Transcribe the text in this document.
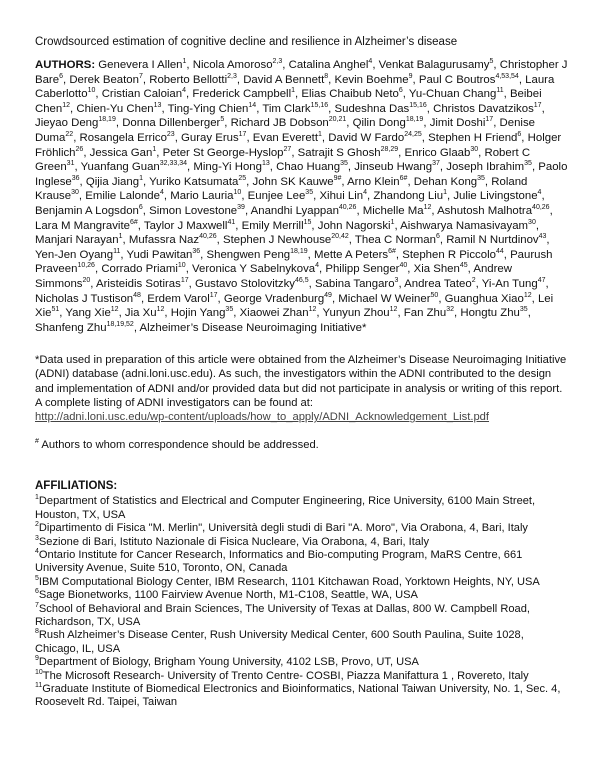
Crowdsourced estimation of cognitive decline and resilience in Alzheimer’s disease

AUTHORS: Genevera I Allen$^1$, Nicola Amoroso$^{2,3}$, Catalina Anghel$^4$, Venkat Balagurusamy$^5$, Christopher J Bare$^6$, Derek Beaton$^7$, Roberto Bellotti$^{2,3}$, David A Bennett$^8$, Kevin Boehme$^9$, Paul C Boutros$^{4,53,54}$, Laura Caberlotto$^{10}$, Cristian Caloian$^4$, Frederick Campbell$^1$, Elias Chaibub Neto$^6$, Yu-Chuan Chang$^{11}$, Beibei Chen$^{12}$, Chien-Yu Chen$^{13}$, Ting-Ying Chien$^{14}$, Tim Clark$^{15,16}$, Sudeshna Das$^{15,16}$, Christos Davatzikos$^{17}$, Jieyao Deng$^{18,19}$, Donna Dillenberger$^5$, Richard JB Dobson$^{20,21}$, Qilin Dong$^{18,19}$, Jimit Doshi$^{17}$, Denise Duma$^{22}$, Rosangela Errico$^{23}$, Guray Erus$^{17}$, Evan Everett$^1$, David W Fardo$^{24,25}$, Stephen H Friend$^6$, Holger Fröhlich$^{26}$, Jessica Gan$^1$, Peter St George-Hyslop$^{27}$, Satrajit S Ghosh$^{28,29}$, Enrico Glaab$^{30}$, Robert C Green$^{31}$, Yuanfang Guan$^{32,33,34}$, Ming-Yi Hong$^{13}$, Chao Huang$^{35}$, Jinseub Hwang$^{37}$, Joseph Ibrahim$^{35}$, Paolo Inglese$^{36}$, Qijia Jiang$^1$, Yuriko Katsumata$^{25}$, John SK Kauwe$^{9\#}$, Arno Klein$^{6\#}$, Dehan Kong$^{35}$, Roland Krause$^{30}$, Emilie Lalonde$^4$, Mario Lauria$^{10}$, Eunjee Lee$^{35}$, Xihui Lin$^4$, Zhandong Liu$^1$, Julie Livingstone$^4$, Benjamin A Logsdon$^6$, Simon Lovestone$^{39}$, Anandhi Lyappan$^{40,26}$, Michelle Ma$^{12}$, Ashutosh Malhotra$^{40,26}$, Lara M Mangravite$^{6\#}$, Taylor J Maxwell$^{41}$, Emily Merrill$^{15}$, John Nagorski$^1$, Aishwarya Namasivayam$^{30}$, Manjari Narayan$^1$, Mufassra Naz$^{40,26}$, Stephen J Newhouse$^{20,42}$, Thea C Norman$^6$, Ramil N Nurtdinov$^{43}$, Yen-Jen Oyang$^{11}$, Yudi Pawitan$^{36}$, Shengwen Peng$^{18,19}$, Mette A Peters$^{6\#}$, Stephen R Piccolo$^{44}$, Paurush Praveen$^{10,26}$, Corrado Priami$^{10}$, Veronica Y Sabelnykova$^4$, Philipp Senger$^{40}$, Xia Shen$^{45}$, Andrew Simmons$^{20}$, Aristeidis Sotiras$^{17}$, Gustavo Stolovitzky$^{46,5}$, Sabina Tangaro$^3$, Andrea Tateo$^2$, Yi-An Tung$^{47}$, Nicholas J Tustison$^{48}$, Erdem Varol$^{17}$, George Vradenburg$^{49}$, Michael W Weiner$^{50}$, Guanghua Xiao$^{12}$, Lei Xie$^{51}$, Yang Xie$^{12}$, Jia Xu$^{12}$, Hojin Yang$^{35}$, Xiaowei Zhan$^{12}$, Yunyun Zhou$^{12}$, Fan Zhu$^{32}$, Hongtu Zhu$^{35}$, Shanfeng Zhu$^{18,19,52}$, Alzheimer’s Disease Neuroimaging Initiative*

*Data used in preparation of this article were obtained from the Alzheimer’s Disease Neuroimaging Initiative (ADNI) database (adni.loni.usc.edu). As such, the investigators within the ADNI contributed to the design and implementation of ADNI and/or provided data but did not participate in analysis or writing of this report. A complete listing of ADNI investigators can be found at:
http://adni.loni.usc.edu/wp-content/uploads/how_to_apply/ADNI_Acknowledgement_List.pdf

# Authors to whom correspondence should be addressed.

AFFILIATIONS:

$^1$Department of Statistics and Electrical and Computer Engineering, Rice University, 6100 Main Street, Houston, TX, USA
$^2$Dipartimento di Fisica "M. Merlin", Università degli studi di Bari "A. Moro", Via Orabona, 4, Bari, Italy
$^3$Sezione di Bari, Istituto Nazionale di Fisica Nucleare, Via Orabona, 4, Bari, Italy
$^4$Ontario Institute for Cancer Research, Informatics and Bio-computing Program, MaRS Centre, 661 University Avenue, Suite 510, Toronto, ON, Canada
$^5$IBM Computational Biology Center, IBM Research, 1101 Kitchawan Road, Yorktown Heights, NY, USA
$^6$Sage Bionetworks, 1100 Fairview Avenue North, M1-C108, Seattle, WA, USA
$^7$School of Behavioral and Brain Sciences, The University of Texas at Dallas, 800 W. Campbell Road, Richardson, TX, USA
$^8$Rush Alzheimer’s Disease Center, Rush University Medical Center, 600 South Paulina, Suite 1028, Chicago, IL, USA
$^9$Department of Biology, Brigham Young University, 4102 LSB, Provo, UT, USA
$^{10}$The Microsoft Research- University of Trento Centre- COSBI, Piazza Manifattura 1 , Rovereto, Italy
$^{11}$Graduate Institute of Biomedical Electronics and Bioinformatics, National Taiwan University, No. 1, Sec. 4, Roosevelt Rd. Taipei, Taiwan
